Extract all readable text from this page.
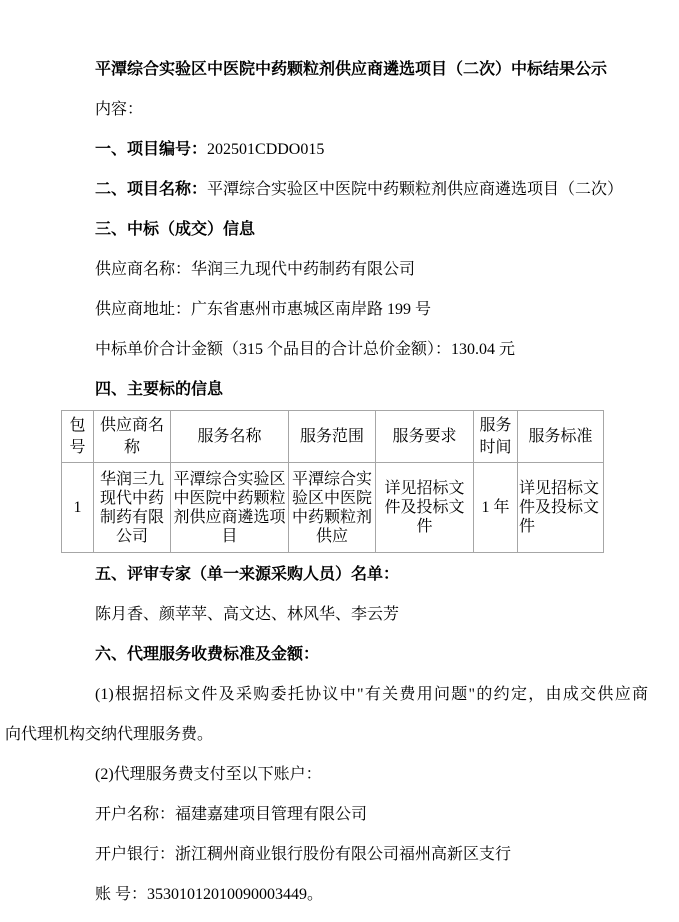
平潭综合实验区中医院中药颗粒剂供应商遴选项目（二次）中标结果公示
内容：
一、项目编号：202501CDDO015
二、项目名称：平潭综合实验区中医院中药颗粒剂供应商遴选项目（二次）
三、中标（成交）信息
供应商名称：华润三九现代中药制药有限公司
供应商地址：广东省惠州市惠城区南岸路 199 号
中标单价合计金额（315 个品目的合计总价金额）：130.04 元
四、主要标的信息
包号	供应商名称	服务名称	服务范围	服务要求	服务时间	服务标准
1	华润三九现代中药制药有限公司	平潭综合实验区中医院中药颗粒剂供应商遴选项目	平潭综合实验区中医院中药颗粒剂供应	详见招标文件及投标文件	1 年	详见招标文件及投标文件
五、评审专家（单一来源采购人员）名单：
陈月香、颜苹苹、高文达、林风华、李云芳
六、代理服务收费标准及金额：
(1)根据招标文件及采购委托协议中"有关费用问题"的约定，由成交供应商
向代理机构交纳代理服务费。
(2)代理服务费支付至以下账户：
开户名称：福建嘉建项目管理有限公司
开户银行：浙江稠州商业银行股份有限公司福州高新区支行
账 号：35301012010090003449。
